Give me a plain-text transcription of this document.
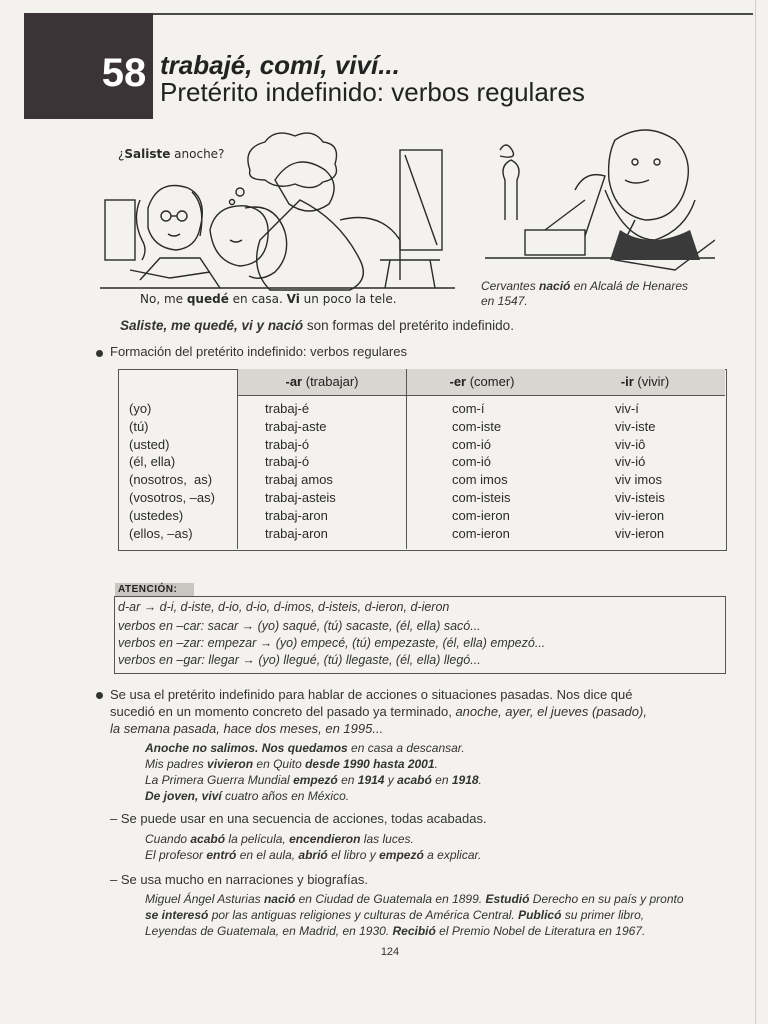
58 trabajé, comí, viví...
Pretérito indefinido: verbos regulares
¿Saliste anoche?
No, me quedé en casa. Vi un poco la tele.
Cervantes nació en Alcalá de Henares
en 1547.
Saliste, me quedé, vi y nació son formas del pretérito indefinido.
Formación del pretérito indefinido: verbos regulares
-ar (trabajar)	-er (comer)	-ir (vivir)
(yo)
(tú)
(usted)
(él, ella)
(nosotros,  as)
(vosotros, –as)
(ustedes)
(ellos, –as)
trabaj-é
trabaj-aste
trabaj-ó
trabaj-ó
trabaj amos
trabaj-asteis
trabaj-aron
trabaj-aron
com-í
com-iste
com-ió
com-ió
com imos
com-isteis
com-ieron
com-ieron
viv-í
viv-iste
viv-iô
viv-ió
viv imos
viv-isteis
viv-ieron
viv-ieron
ATENCIÓN:
d-ar → d-i, d-iste, d-io, d-io, d-imos, d-isteis, d-ieron, d-ieron
verbos en –car: sacar → (yo) saqué, (tú) sacaste, (él, ella) sacó...
verbos en –zar: empezar → (yo) empecé, (tú) empezaste, (él, ella) empezó...
verbos en –gar: llegar → (yo) llegué, (tú) llegaste, (él, ella) llegó...
Se usa el pretérito indefinido para hablar de acciones o situaciones pasadas. Nos dice qué
sucedió en un momento concreto del pasado ya terminado, anoche, ayer, el jueves (pasado),
la semana pasada, hace dos meses, en 1995...
Anoche no salimos. Nos quedamos en casa a descansar.
Mis padres vivieron en Quito desde 1990 hasta 2001.
La Primera Guerra Mundial empezó en 1914 y acabó en 1918.
De joven, viví cuatro años en México.
– Se puede usar en una secuencia de acciones, todas acabadas.
Cuando acabó la película, encendieron las luces.
El profesor entró en el aula, abrió el libro y empezó a explicar.
– Se usa mucho en narraciones y biografías.
Miguel Ángel Asturias nació en Ciudad de Guatemala en 1899. Estudió Derecho en su país y pronto
se interesó por las antiguas religiones y culturas de América Central. Publicó su primer libro,
Leyendas de Guatemala, en Madrid, en 1930. Recibió el Premio Nobel de Literatura en 1967.
124
